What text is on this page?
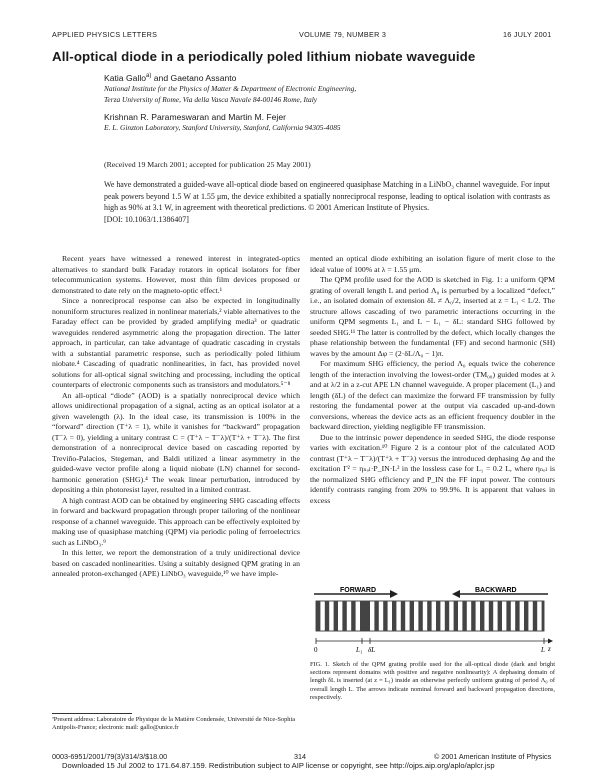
APPLIED PHYSICS LETTERS	VOLUME 79, NUMBER 3	16 JULY 2001
All-optical diode in a periodically poled lithium niobate waveguide
Katia Gallo$^{a)}$ and Gaetano Assanto
National Institute for the Physics of Matter & Department of Electronic Engineering,
Terza University of Rome, Via della Vasca Navale 84-00146 Rome, Italy
Krishnan R. Parameswaran and Martin M. Fejer
E. L. Ginzton Laboratory, Stanford University, Stanford, California 94305-4085
(Received 19 March 2001; accepted for publication 25 May 2001)
We have demonstrated a guided-wave all-optical diode based on engineered quasiphase Matching in a LiNbO₃ channel waveguide. For input peak powers beyond 1.5 W at 1.55 μm, the device exhibited a spatially nonreciprocal response, leading to optical isolation with contrasts as high as 90% at 3.1 W, in agreement with theoretical predictions. © 2001 American Institute of Physics.
[DOI: 10.1063/1.1386407]

Recent years have witnessed a renewed interest in integrated-optics alternatives to standard bulk Faraday rotators in optical isolators for fiber telecommunication systems. However, most thin film devices proposed or demonstrated to date rely on the magneto-optic effect.¹

Since a nonreciprocal response can also be expected in longitudinally nonuniform structures realized in nonlinear materials,² viable alternatives to the Faraday effect can be provided by graded amplifying media³ or quadratic waveguides rendered asymmetric along the propagation direction. The latter approach, in particular, can take advantage of quadratic cascading in crystals with a substantial parametric response, such as periodically poled lithium niobate.⁴ Cascading of quadratic nonlinearities, in fact, has provided novel solutions for all-optical signal switching and processing, including the optical counterparts of electronic components such as transistors and modulators.⁵⁻⁸

An all-optical “diode” (AOD) is a spatially nonreciprocal device which allows unidirectional propagation of a signal, acting as an optical isolator at a given wavelength (λ). In the ideal case, its transmission is 100% in the “forward” direction (T⁺λ = 1), while it vanishes for “backward” propagation (T⁻λ = 0), yielding a unitary contrast C = (T⁺λ − T⁻λ)/(T⁺λ + T⁻λ). The first demonstration of a nonreciprocal device based on cascading reported by Treviño-Palacios, Stegeman, and Baldi utilized a linear asymmetry in the guided-wave vector profile along a liquid niobate (LN) channel for second-harmonic generation (SHG).⁴ The weak linear perturbation, introduced by depositing a thin photoresist layer, resulted in a limited contrast.

A high contrast AOD can be obtained by engineering SHG cascading effects in forward and backward propagation through proper tailoring of the nonlinear response of a channel waveguide. This approach can be effectively exploited by making use of quasiphase matching (QPM) via periodic poling of ferroelectrics such as LiNbO₃.⁹

In this letter, we report the demonstration of a truly unidirectional device based on cascaded nonlinearities. Using a suitably designed QPM grating in an annealed proton-exchanged (APE) LiNbO₃ waveguide,¹⁰ we have imple-

ªPresent address: Laboratoire de Physique de la Matière Condensée, Université de Nice-Sophia Antipolis-France; electronic mail: gallo@unice.fr

mented an optical diode exhibiting an isolation figure of merit close to the ideal value of 100% at λ = 1.55 μm.

The QPM profile used for the AOD is sketched in Fig. 1: a uniform QPM grating of overall length L and period Λ₀ is perturbed by a localized “defect,” i.e., an isolated domain of extension δL ≠ Λ₀/2, inserted at z = L₁ < L/2. The structure allows cascading of two parametric interactions occurring in the uniform QPM segments L₁ and L − L₁ − δL: standard SHG followed by seeded SHG.¹¹ The latter is controlled by the defect, which locally changes the phase relationship between the fundamental (FF) and second harmonic (SH) waves by the amount Δφ = (2·δL/Λ₀ − 1)π.

For maximum SHG efficiency, the period Λ₀ equals twice the coherence length of the interaction involving the lowest-order (TM₀₀) guided modes at λ and at λ/2 in a z-cut APE LN channel waveguide. A proper placement (L₁) and length (δL) of the defect can maximize the forward FF transmission by fully restoring the fundamental power at the output via cascaded up-and-down conversions, whereas the device acts as an efficient frequency doubler in the backward direction, yielding negligible FF transmission.

Due to the intrinsic power dependence in seeded SHG, the diode response varies with excitation.¹⁰ Figure 2 is a contour plot of the calculated AOD contrast (T⁺λ − T⁻λ)/(T⁺λ + T⁻λ) versus the introduced dephasing Δφ and the excitation Γ² = ηₙₒₗ·P_IN·L² in the lossless case for L₁ = 0.2 L, where ηₙₒₗ is the normalized SHG efficiency and P_IN the FF input power. The contours identify contrasts ranging from 20% to 99.9%. It is apparent that values in excess

FORWARD	BACKWARD
0	L₁ δL	L z
FIG. 1. Sketch of the QPM grating profile used for the all-optical diode (dark and bright sections represent domains with positive and negative nonlinearity): A dephasing domain of length δL is inserted (at z = L₁) inside an otherwise perfectly uniform grating of period Λ₀ of overall length L. The arrows indicate nominal forward and backward propagation directions, respectively.
0003-6951/2001/79(3)/314/3/$18.00	314	© 2001 American Institute of Physics
Downloaded 15 Jul 2002 to 171.64.87.159. Redistribution subject to AIP license or copyright, see http://ojps.aip.org/aplo/aplcr.jsp
